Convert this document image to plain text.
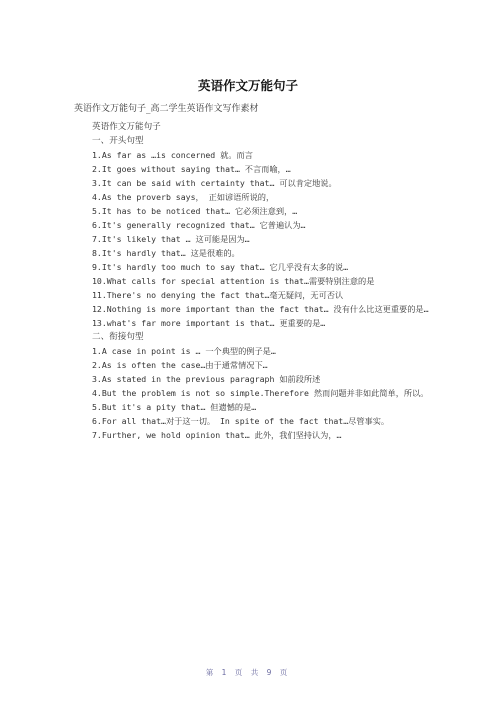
英语作文万能句子
英语作文万能句子_高二学生英语作文写作素材
英语作文万能句子
一、开头句型
1.As far as …is concerned 就。而言
2.It goes without saying that… 不言而喻，…
3.It can be said with certainty that… 可以肯定地说。
4.As the proverb says， 正如谚语所说的，
5.It has to be noticed that… 它必须注意到，…
6.It's generally recognized that… 它普遍认为…
7.It's likely that … 这可能是因为…
8.It's hardly that… 这是很难的。
9.It's hardly too much to say that… 它几乎没有太多的说…
10.What calls for special attention is that…需要特别注意的是
11.There's no denying the fact that…毫无疑问，无可否认
12.Nothing is more important than the fact that… 没有什么比这更重要的是…
13.what's far more important is that… 更重要的是…
二、衔接句型
1.A case in point is … 一个典型的例子是…
2.As is often the case…由于通常情况下…
3.As stated in the previous paragraph 如前段所述
4.But the problem is not so simple.Therefore 然而问题并非如此简单，所以。
5.But it's a pity that… 但遗憾的是…
6.For all that…对于这一切。 In spite of the fact that…尽管事实。
7.Further, we hold opinion that… 此外，我们坚持认为，…
第 1 页 共 9 页
